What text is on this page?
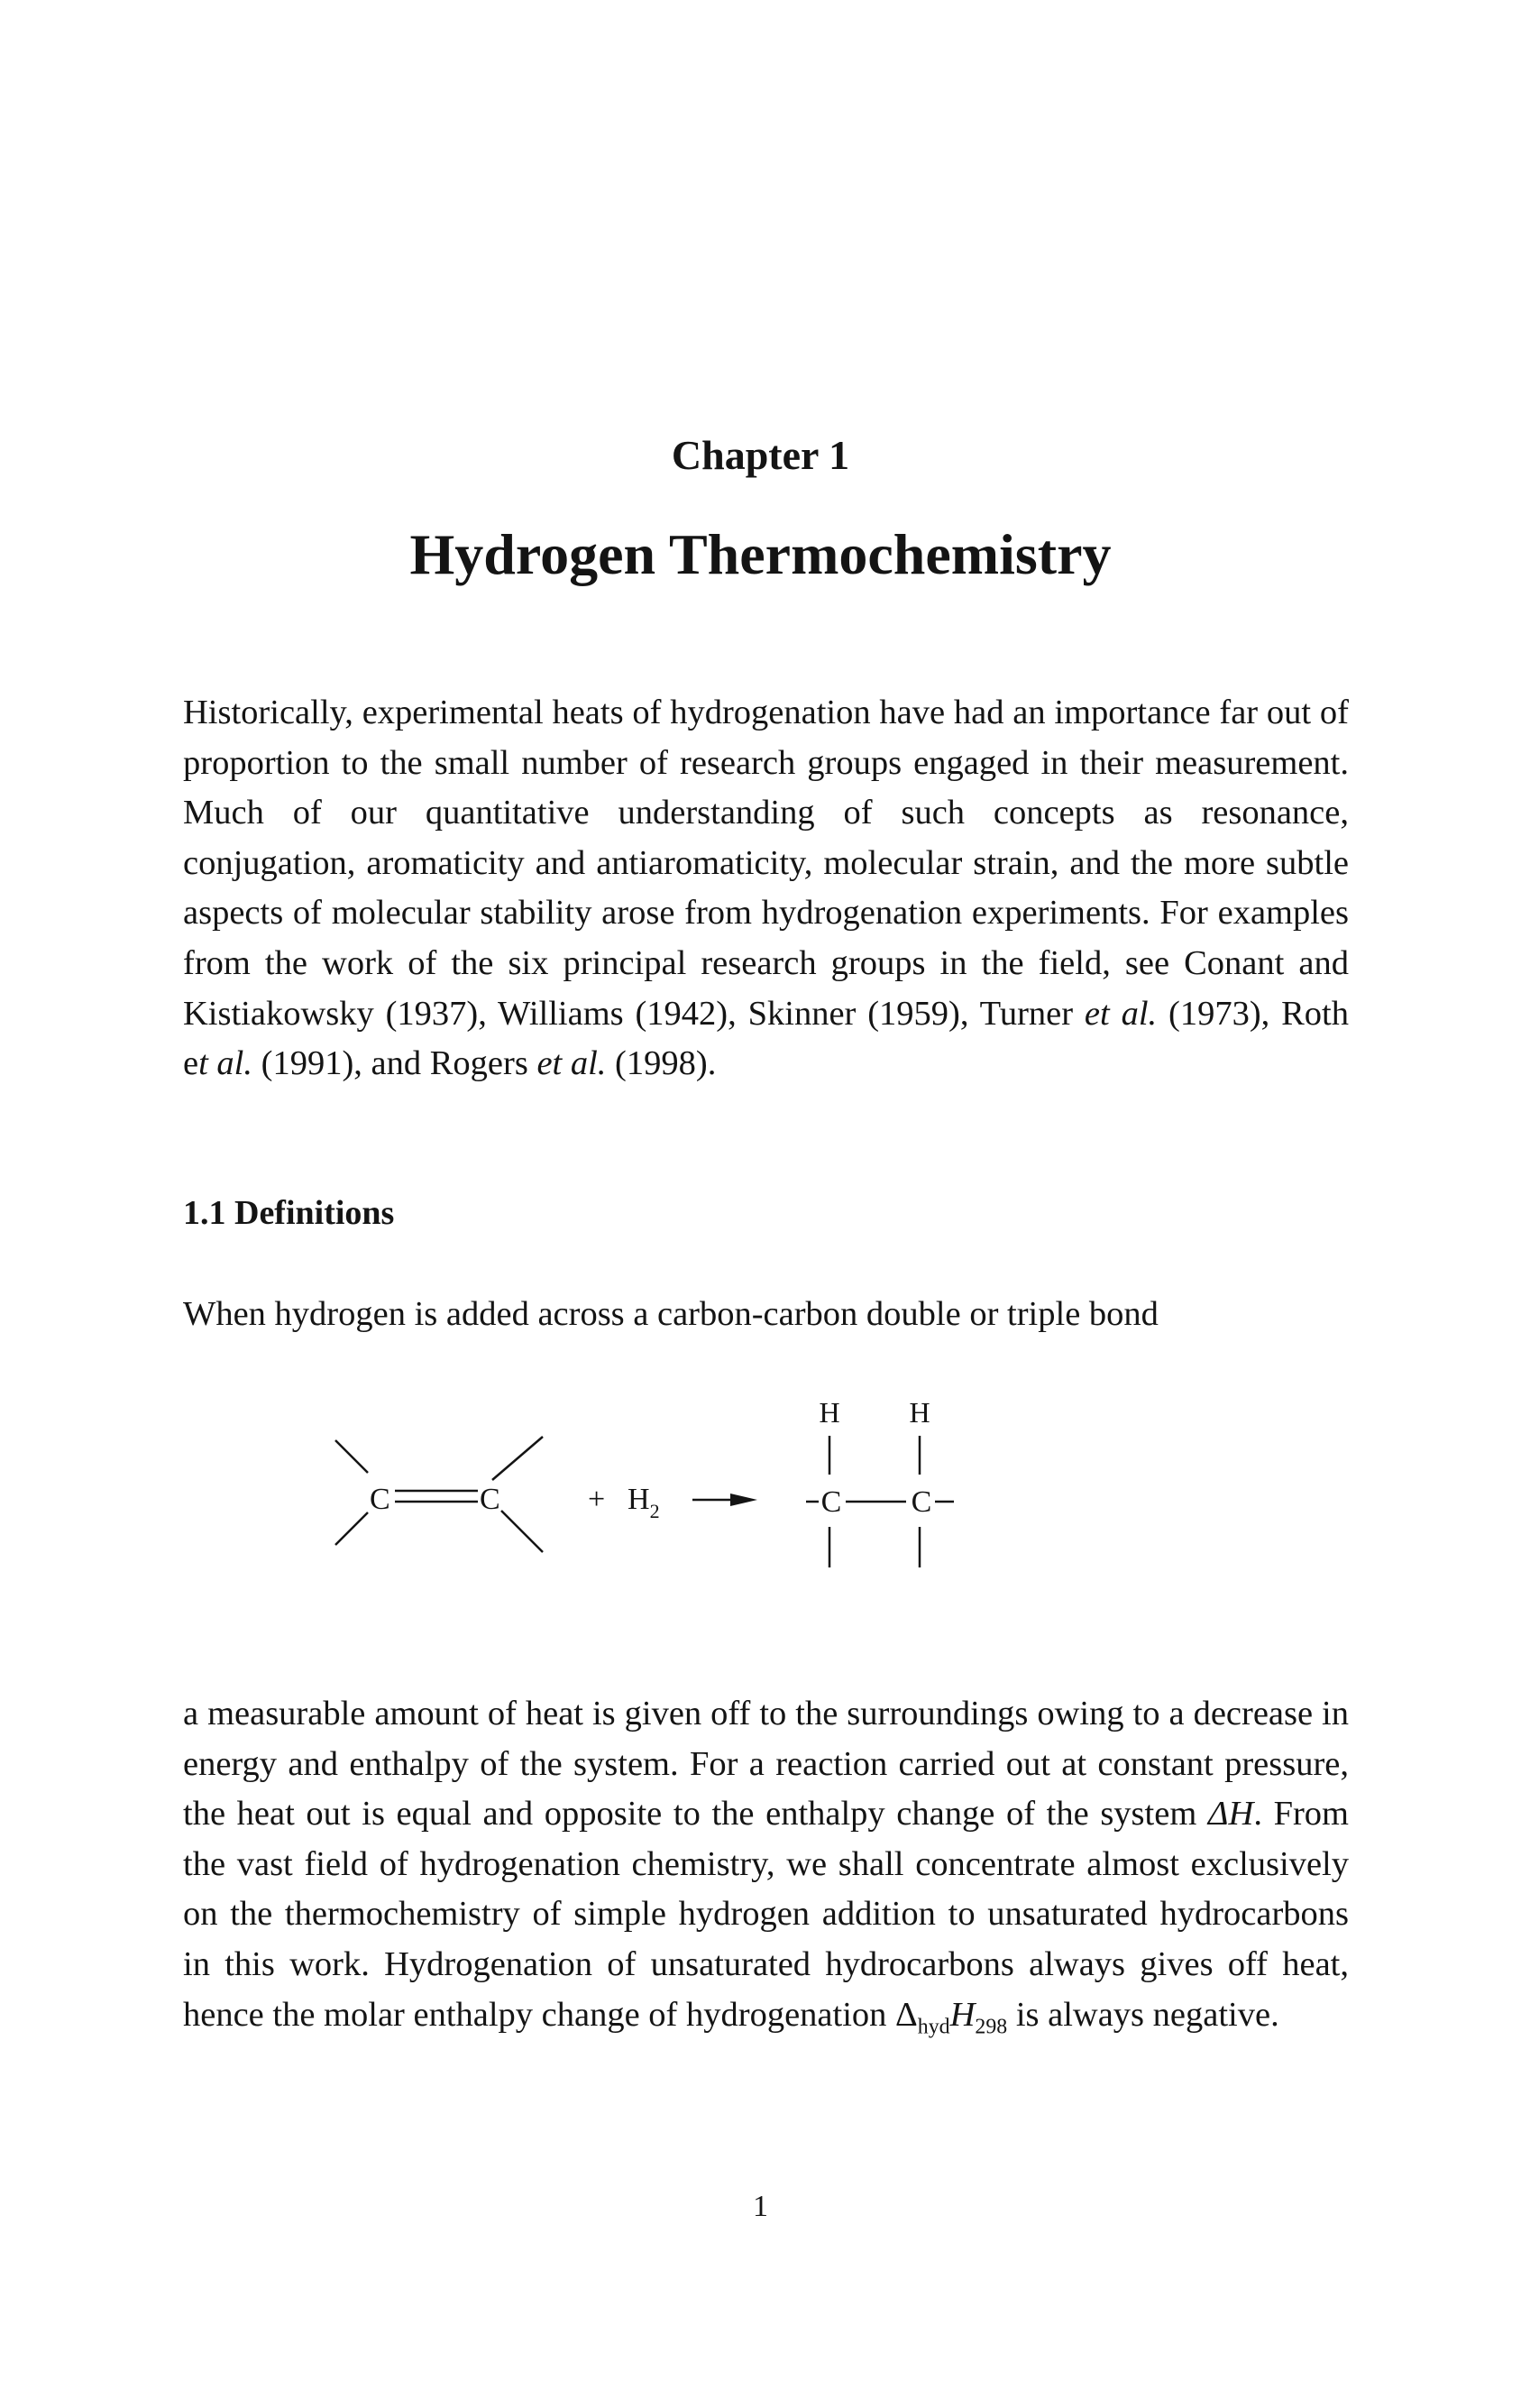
Chapter 1
Hydrogen Thermochemistry

Historically, experimental heats of hydrogenation have had an importance far out of proportion to the small number of research groups engaged in their measurement. Much of our quantitative understanding of such concepts as resonance, conjugation, aromaticity and antiaromaticity, molecular strain, and the more subtle aspects of molecular stability arose from hydrogenation experiments. For examples from the work of the six principal research groups in the field, see Conant and Kistiakowsky (1937), Williams (1942), Skinner (1959), Turner et al. (1973), Roth et al. (1991), and Rogers et al. (1998).

1.1 Definitions

When hydrogen is added across a carbon-carbon double or triple bond

C	C	+ $H_2$
H H
C C

a measurable amount of heat is given off to the surroundings owing to a decrease in energy and enthalpy of the system. For a reaction carried out at constant pressure, the heat out is equal and opposite to the enthalpy change of the system ΔH. From the vast field of hydrogenation chemistry, we shall concentrate almost exclusively on the thermochemistry of simple hydrogen addition to unsaturated hydrocarbons in this work. Hydrogenation of unsaturated hydrocarbons always gives off heat, hence the molar enthalpy change of hydrogenation $\Delta_{hyd}H_{298}$ is always negative.

1
